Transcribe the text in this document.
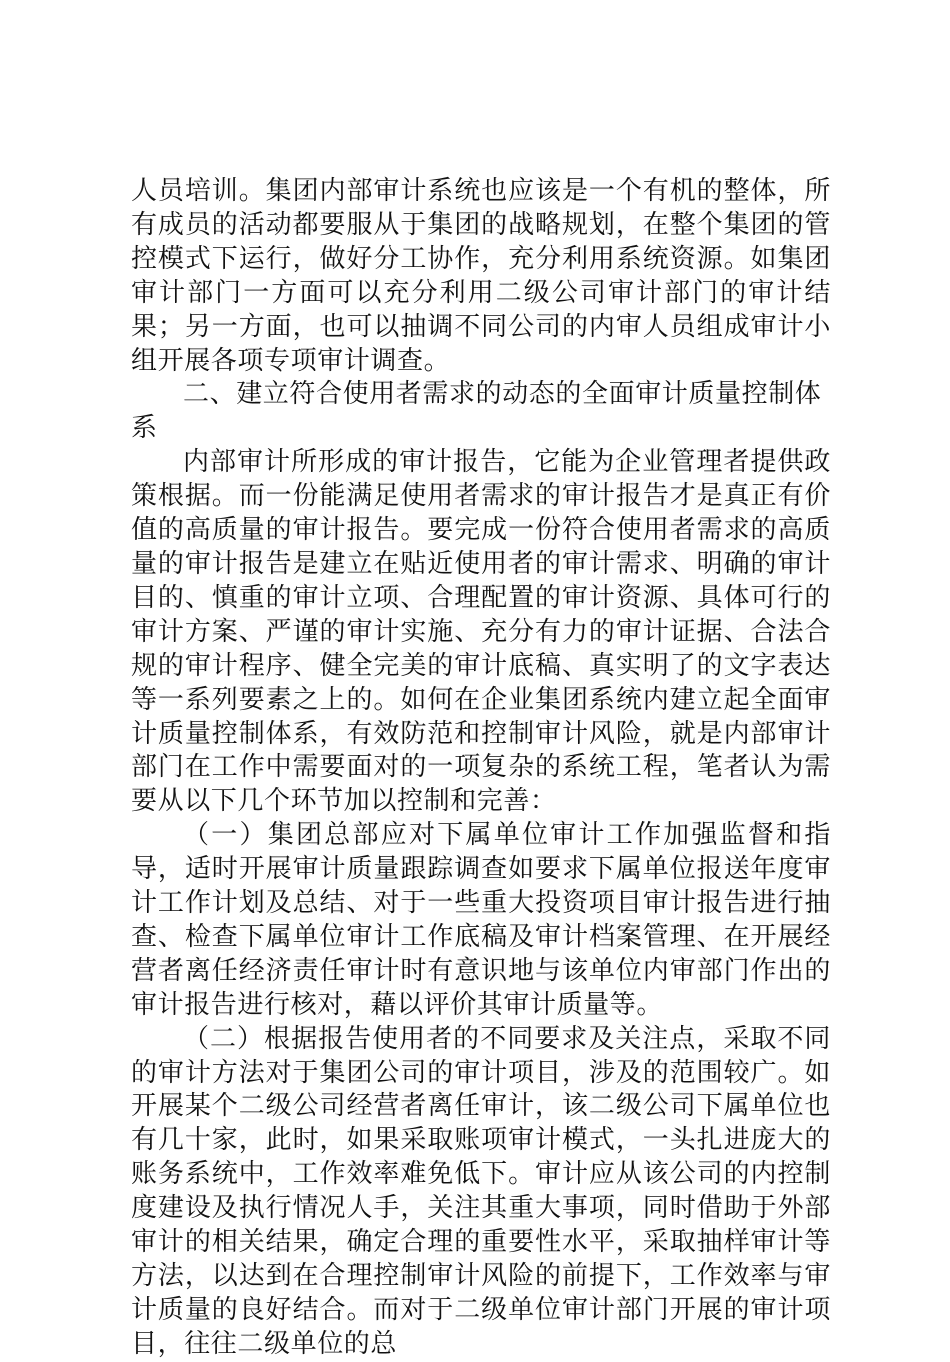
人员培训。集团内部审计系统也应该是一个有机的整体，所有成员的活动都要服从于集团的战略规划，在整个集团的管控模式下运行，做好分工协作，充分利用系统资源。如集团审计部门一方面可以充分利用二级公司审计部门的审计结果；另一方面，也可以抽调不同公司的内审人员组成审计小组开展各项专项审计调查。

二、建立符合使用者需求的动态的全面审计质量控制体系

内部审计所形成的审计报告，它能为企业管理者提供政策根据。而一份能满足使用者需求的审计报告才是真正有价值的高质量的审计报告。要完成一份符合使用者需求的高质量的审计报告是建立在贴近使用者的审计需求、明确的审计目的、慎重的审计立项、合理配置的审计资源、具体可行的审计方案、严谨的审计实施、充分有力的审计证据、合法合规的审计程序、健全完美的审计底稿、真实明了的文字表达等一系列要素之上的。如何在企业集团系统内建立起全面审计质量控制体系，有效防范和控制审计风险，就是内部审计部门在工作中需要面对的一项复杂的系统工程，笔者认为需要从以下几个环节加以控制和完善：

（一）集团总部应对下属单位审计工作加强监督和指导，适时开展审计质量跟踪调查如要求下属单位报送年度审计工作计划及总结、对于一些重大投资项目审计报告进行抽查、检查下属单位审计工作底稿及审计档案管理、在开展经营者离任经济责任审计时有意识地与该单位内审部门作出的审计报告进行核对，藉以评价其审计质量等。

（二）根据报告使用者的不同要求及关注点，采取不同的审计方法对于集团公司的审计项目，涉及的范围较广。如开展某个二级公司经营者离任审计，该二级公司下属单位也有几十家，此时，如果采取账项审计模式，一头扎进庞大的账务系统中，工作效率难免低下。审计应从该公司的内控制度建设及执行情况人手，关注其重大事项，同时借助于外部审计的相关结果，确定合理的重要性水平，采取抽样审计等方法，以达到在合理控制审计风险的前提下，工作效率与审计质量的良好结合。而对于二级单位审计部门开展的审计项目，往往二级单位的总
